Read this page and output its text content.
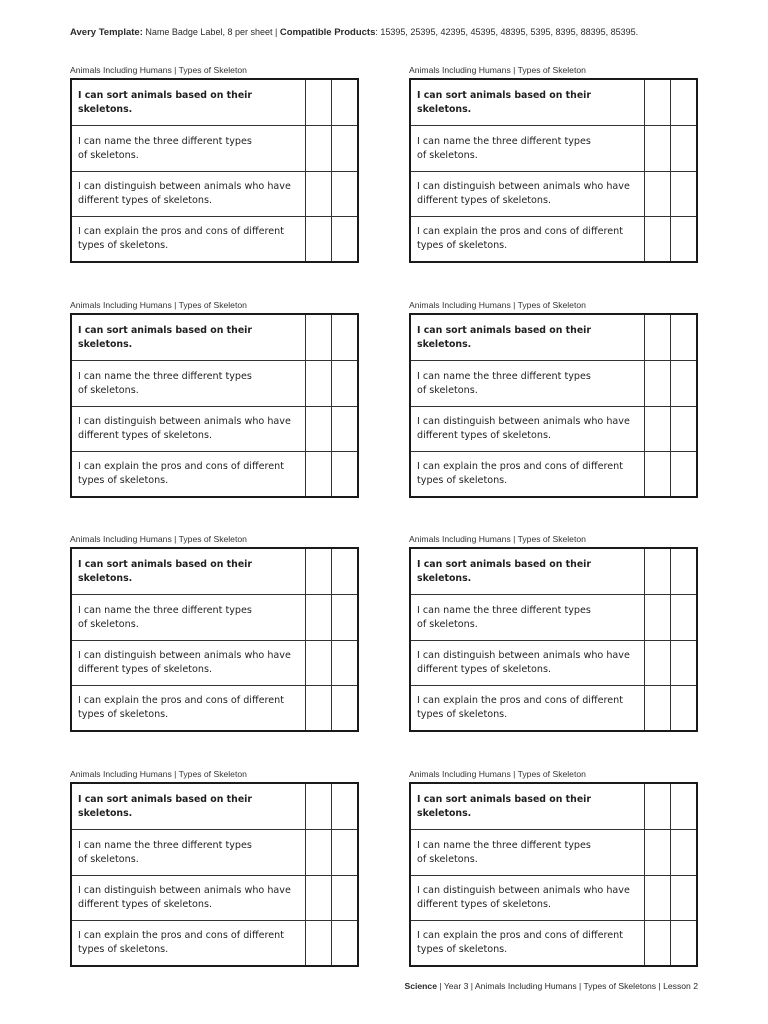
Avery Template: Name Badge Label, 8 per sheet | Compatible Products: 15395, 25395, 42395, 45395, 48395, 5395, 8395, 88395, 85395.
Animals Including Humans | Types of Skeleton
I can sort animals based on their skeletons.
I can name the three different types
of skeletons.
I can distinguish between animals who have
different types of skeletons.
I can explain the pros and cons of different
types of skeletons.
Animals Including Humans | Types of Skeleton
I can sort animals based on their skeletons.
I can name the three different types
of skeletons.
I can distinguish between animals who have
different types of skeletons.
I can explain the pros and cons of different
types of skeletons.
Animals Including Humans | Types of Skeleton
I can sort animals based on their skeletons.
I can name the three different types
of skeletons.
I can distinguish between animals who have
different types of skeletons.
I can explain the pros and cons of different
types of skeletons.
Animals Including Humans | Types of Skeleton
I can sort animals based on their skeletons.
I can name the three different types
of skeletons.
I can distinguish between animals who have
different types of skeletons.
I can explain the pros and cons of different
types of skeletons.
Animals Including Humans | Types of Skeleton
I can sort animals based on their skeletons.
I can name the three different types
of skeletons.
I can distinguish between animals who have
different types of skeletons.
I can explain the pros and cons of different
types of skeletons.
Animals Including Humans | Types of Skeleton
I can sort animals based on their skeletons.
I can name the three different types
of skeletons.
I can distinguish between animals who have
different types of skeletons.
I can explain the pros and cons of different
types of skeletons.
Animals Including Humans | Types of Skeleton
I can sort animals based on their skeletons.
I can name the three different types
of skeletons.
I can distinguish between animals who have
different types of skeletons.
I can explain the pros and cons of different
types of skeletons.
Animals Including Humans | Types of Skeleton
I can sort animals based on their skeletons.
I can name the three different types
of skeletons.
I can distinguish between animals who have
different types of skeletons.
I can explain the pros and cons of different
types of skeletons.
Science | Year 3 | Animals Including Humans | Types of Skeletons | Lesson 2
